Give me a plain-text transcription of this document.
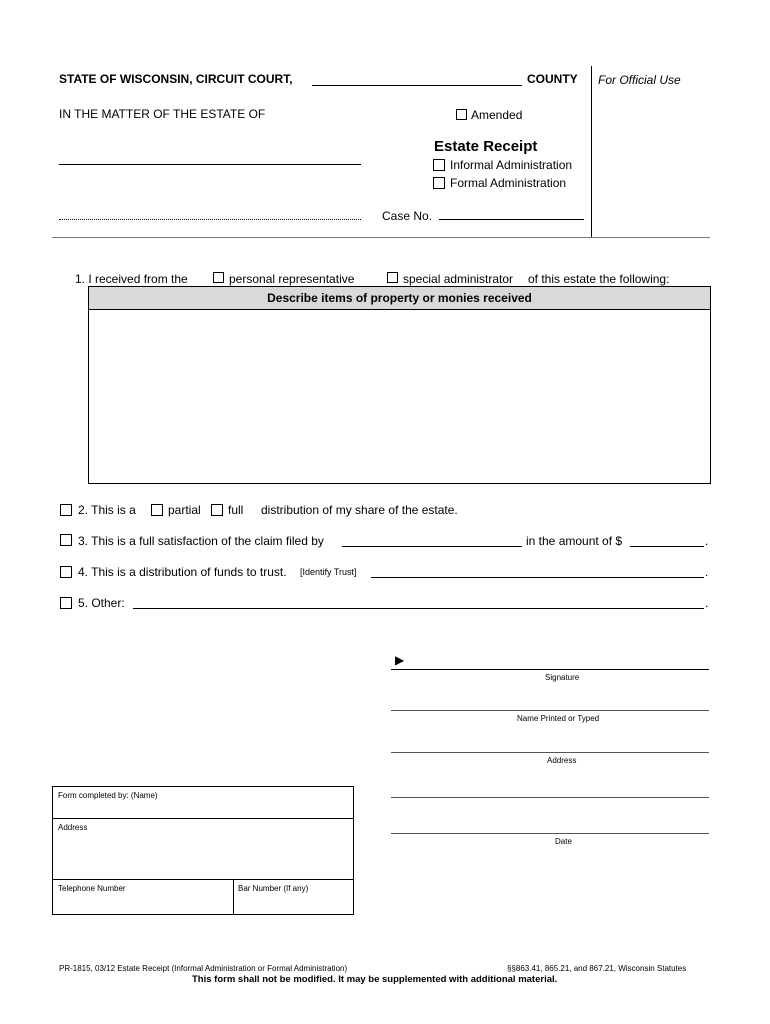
STATE OF WISCONSIN, CIRCUIT COURT,	COUNTY For Official Use
IN THE MATTER OF THE ESTATE OF	Amended
Estate Receipt
Informal Administration
Formal Administration
Case No.
1. I received from the	personal representative	special administrator of this estate the following:
Describe items of property or monies received
2. This is a	partial full distribution of my share of the estate.
3. This is a full satisfaction of the claim filed by	in the amount of $	.
4. This is a distribution of funds to trust. [Identify Trust]	.
5. Other:	.
▶
Signature
Name Printed or Typed
Address
Date
Form completed by: (Name)
Address
Telephone Number	Bar Number (If any)
PR-1815, 03/12 Estate Receipt (Informal Administration or Formal Administration)	§§863.41, 865.21, and 867.21, Wisconsin Statutes
This form shall not be modified. It may be supplemented with additional material.
